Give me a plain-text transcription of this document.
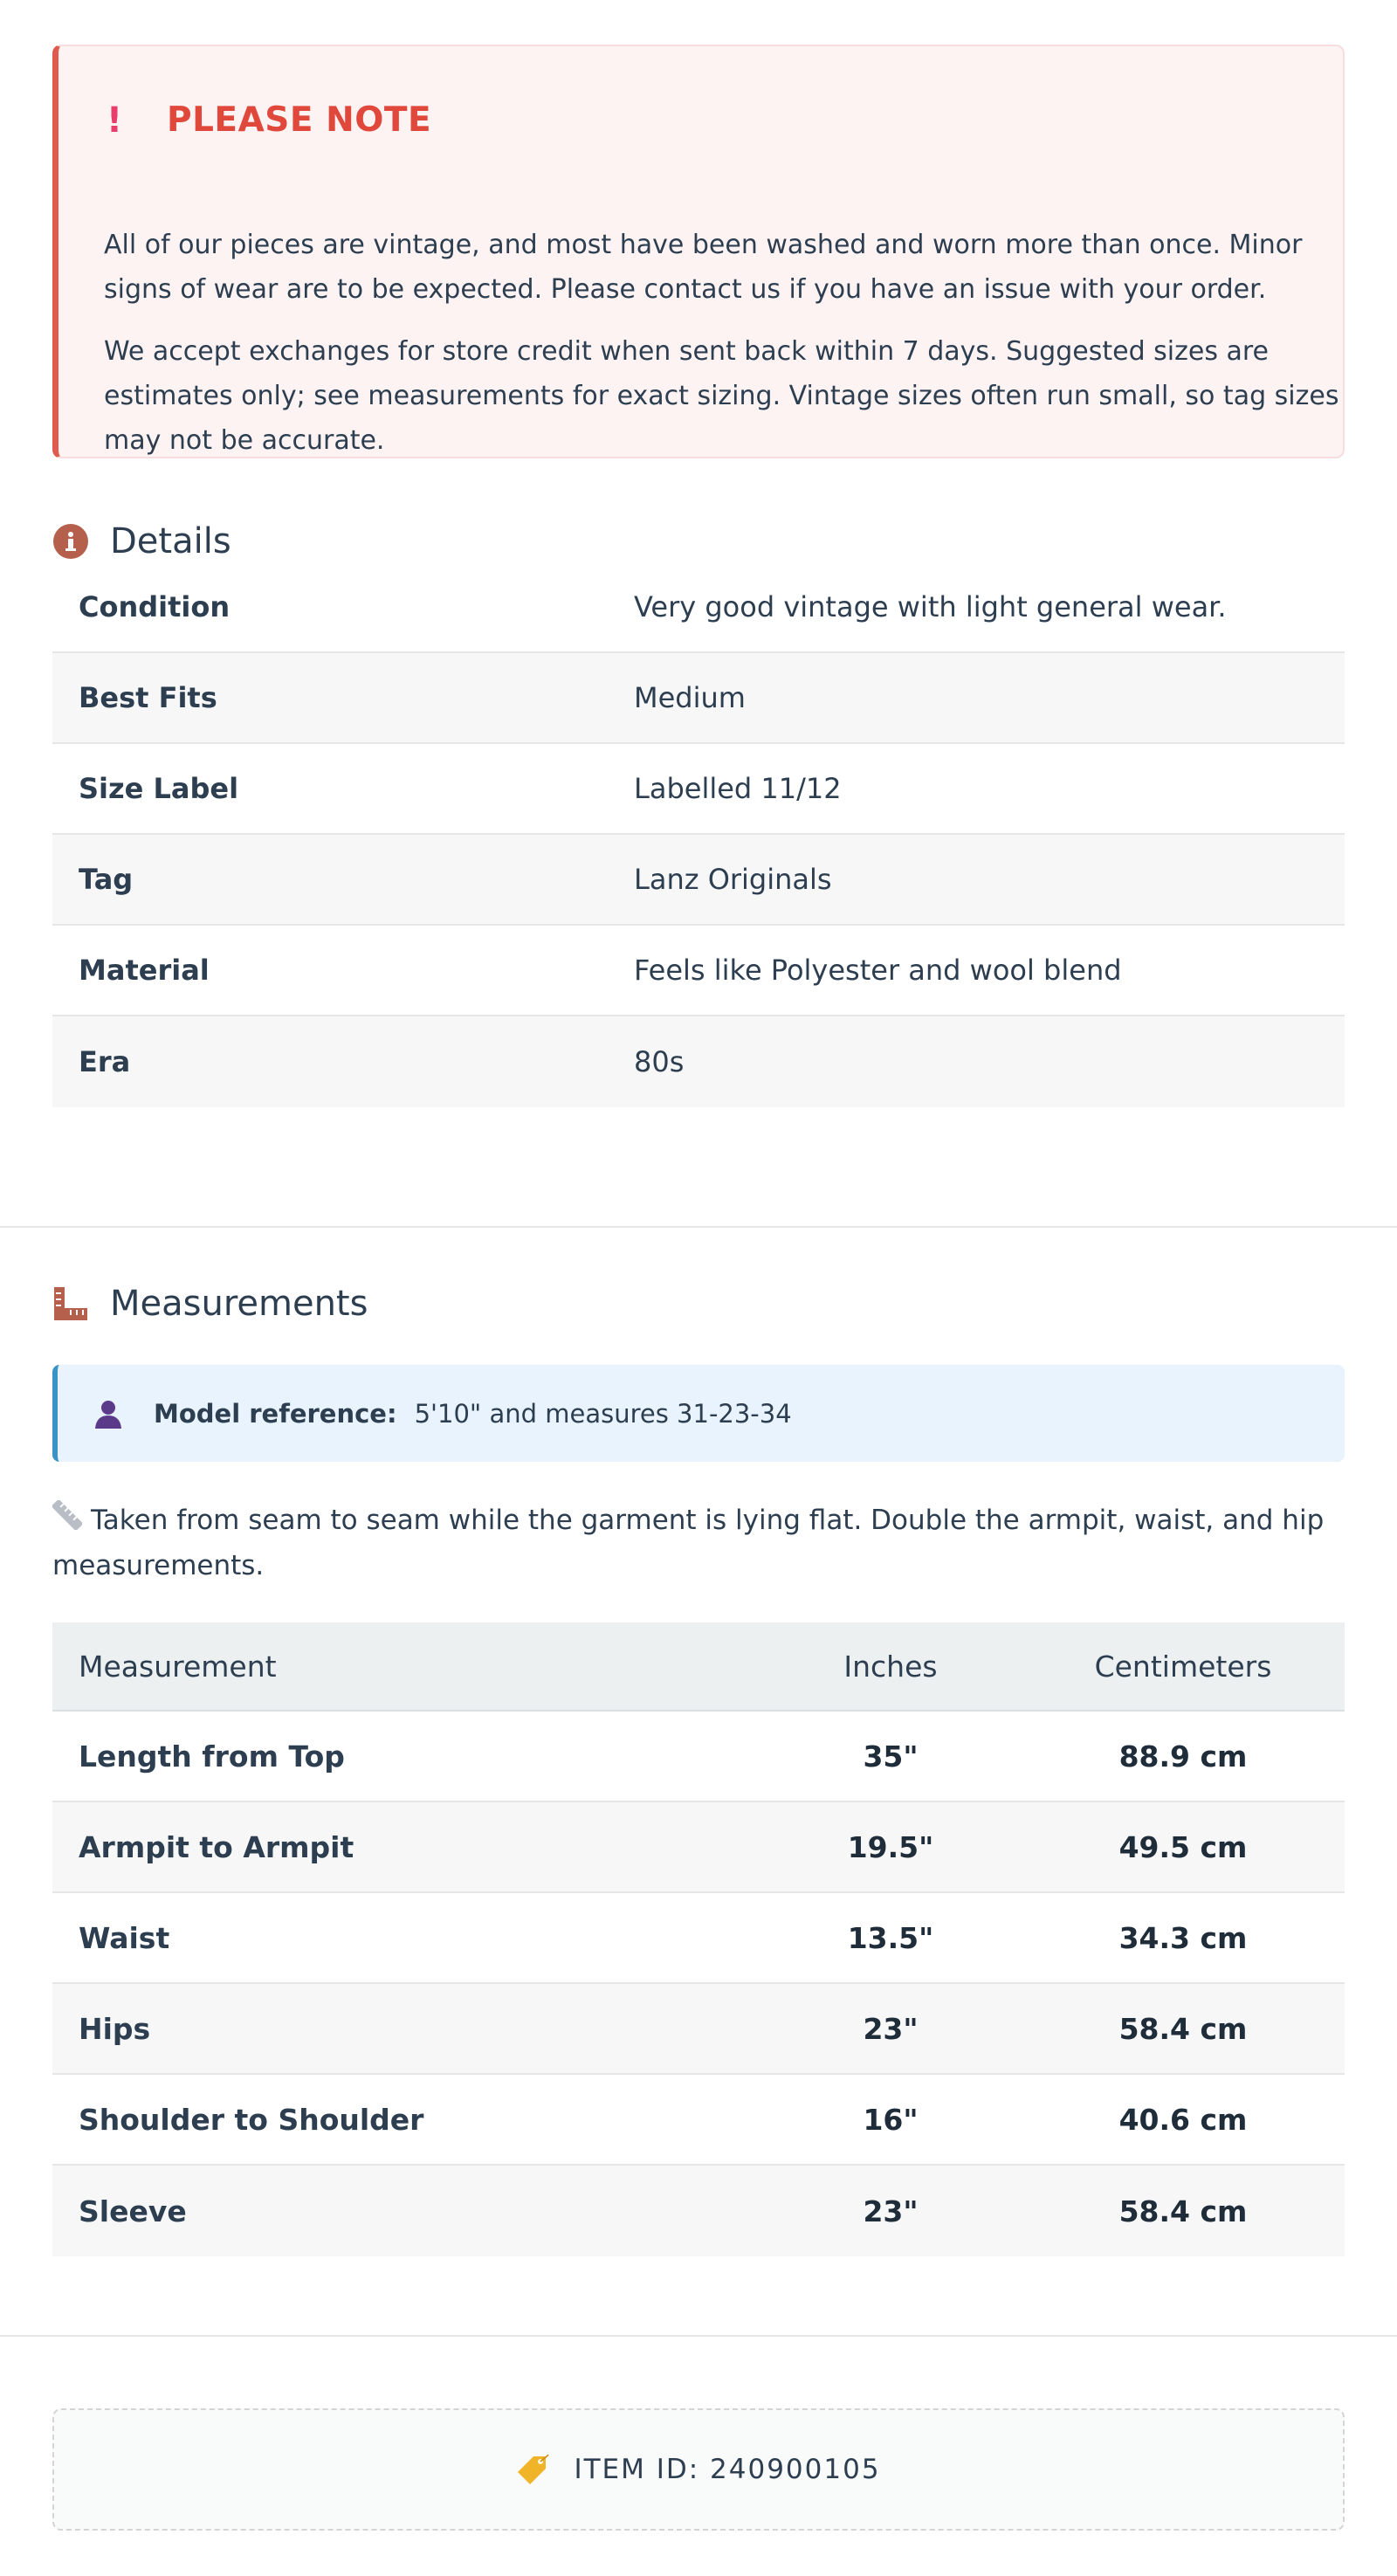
! PLEASE NOTE

All of our pieces are vintage, and most have been washed and worn more than once. Minor signs of wear are to be expected. Please contact us if you have an issue with your order.

We accept exchanges for store credit when sent back within 7 days. Suggested sizes are estimates only; see measurements for exact sizing. Vintage sizes often run small, so tag sizes may not be accurate.

Details
Condition	Very good vintage with light general wear.
Best Fits	Medium
Size Label	Labelled 11/12
Tag	Lanz Originals
Material	Feels like Polyester and wool blend
Era	80s
Measurements
Model reference: 5'10" and measures 31-23-34

Taken from seam to seam while the garment is lying flat. Double the armpit, waist, and hip measurements.

Measurement	Inches	Centimeters
Length from Top	35"	88.9 cm
Armpit to Armpit	19.5"	49.5 cm
Waist	13.5"	34.3 cm
Hips	23"	58.4 cm
Shoulder to Shoulder	16"	40.6 cm
Sleeve	23"	58.4 cm
ITEM ID: 240900105
